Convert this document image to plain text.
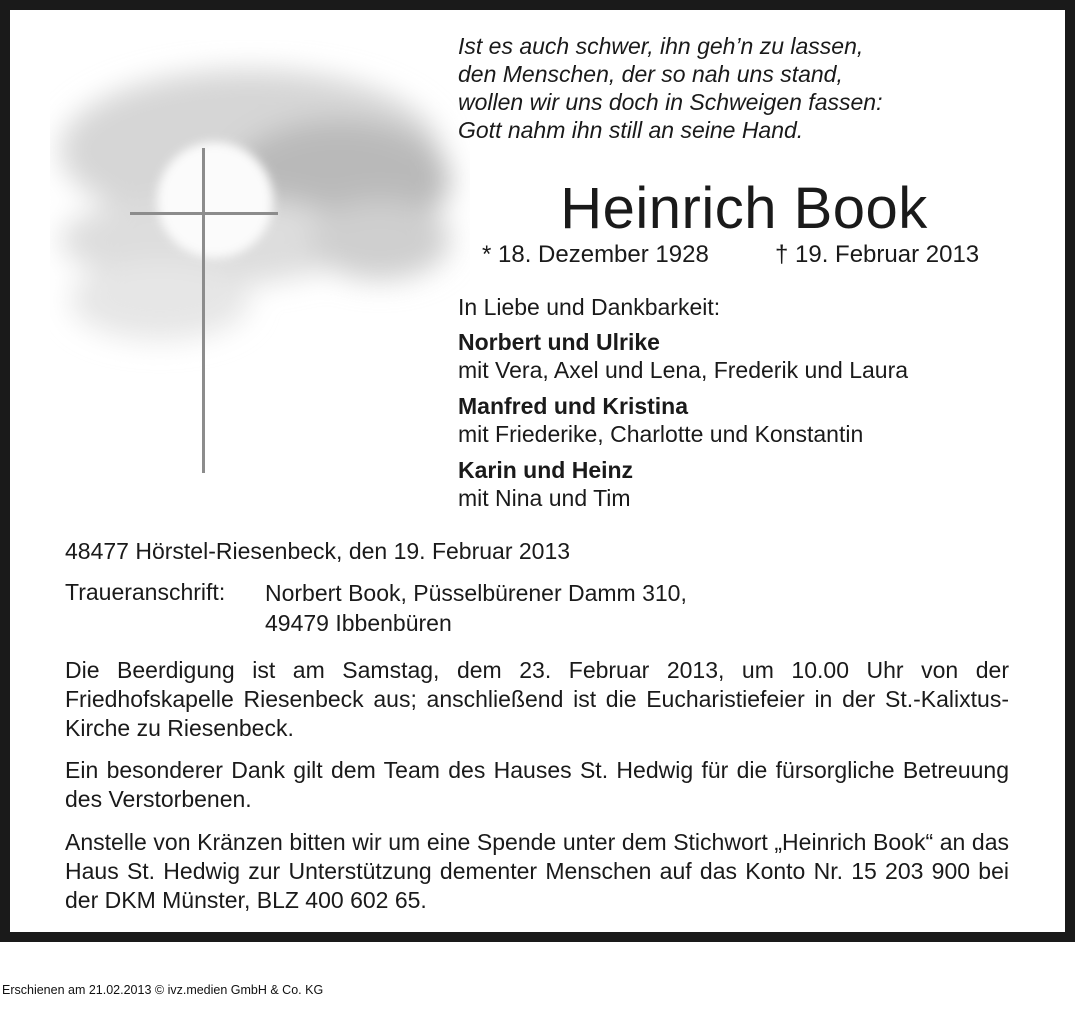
Ist es auch schwer, ihn geh’n zu lassen,
den Menschen, der so nah uns stand,
wollen wir uns doch in Schweigen fassen:
Gott nahm ihn still an seine Hand.
Heinrich Book
* 18. Dezember 1928	† 19. Februar 2013
In Liebe und Dankbarkeit:
Norbert und Ulrike
mit Vera, Axel und Lena, Frederik und Laura
Manfred und Kristina
mit Friederike, Charlotte und Konstantin
Karin und Heinz
mit Nina und Tim
48477 Hörstel-Riesenbeck, den 19. Februar 2013
Traueranschrift: Norbert Book, Püsselbürener Damm 310,
49479 Ibbenbüren
Die Beerdigung ist am Samstag, dem 23. Februar 2013, um 10.00 Uhr von der Friedhofskapelle Riesenbeck aus; anschließend ist die Eucharistiefeier in der St.-Kalixtus-Kirche zu Riesenbeck.
Ein besonderer Dank gilt dem Team des Hauses St. Hedwig für die fürsorgliche Betreuung des Verstorbenen.
Anstelle von Kränzen bitten wir um eine Spende unter dem Stichwort „Heinrich Book“ an das Haus St. Hedwig zur Unterstützung dementer Menschen auf das Konto Nr. 15 203 900 bei der DKM Münster, BLZ 400 602 65.
Erschienen am 21.02.2013 © ivz.medien GmbH & Co. KG
